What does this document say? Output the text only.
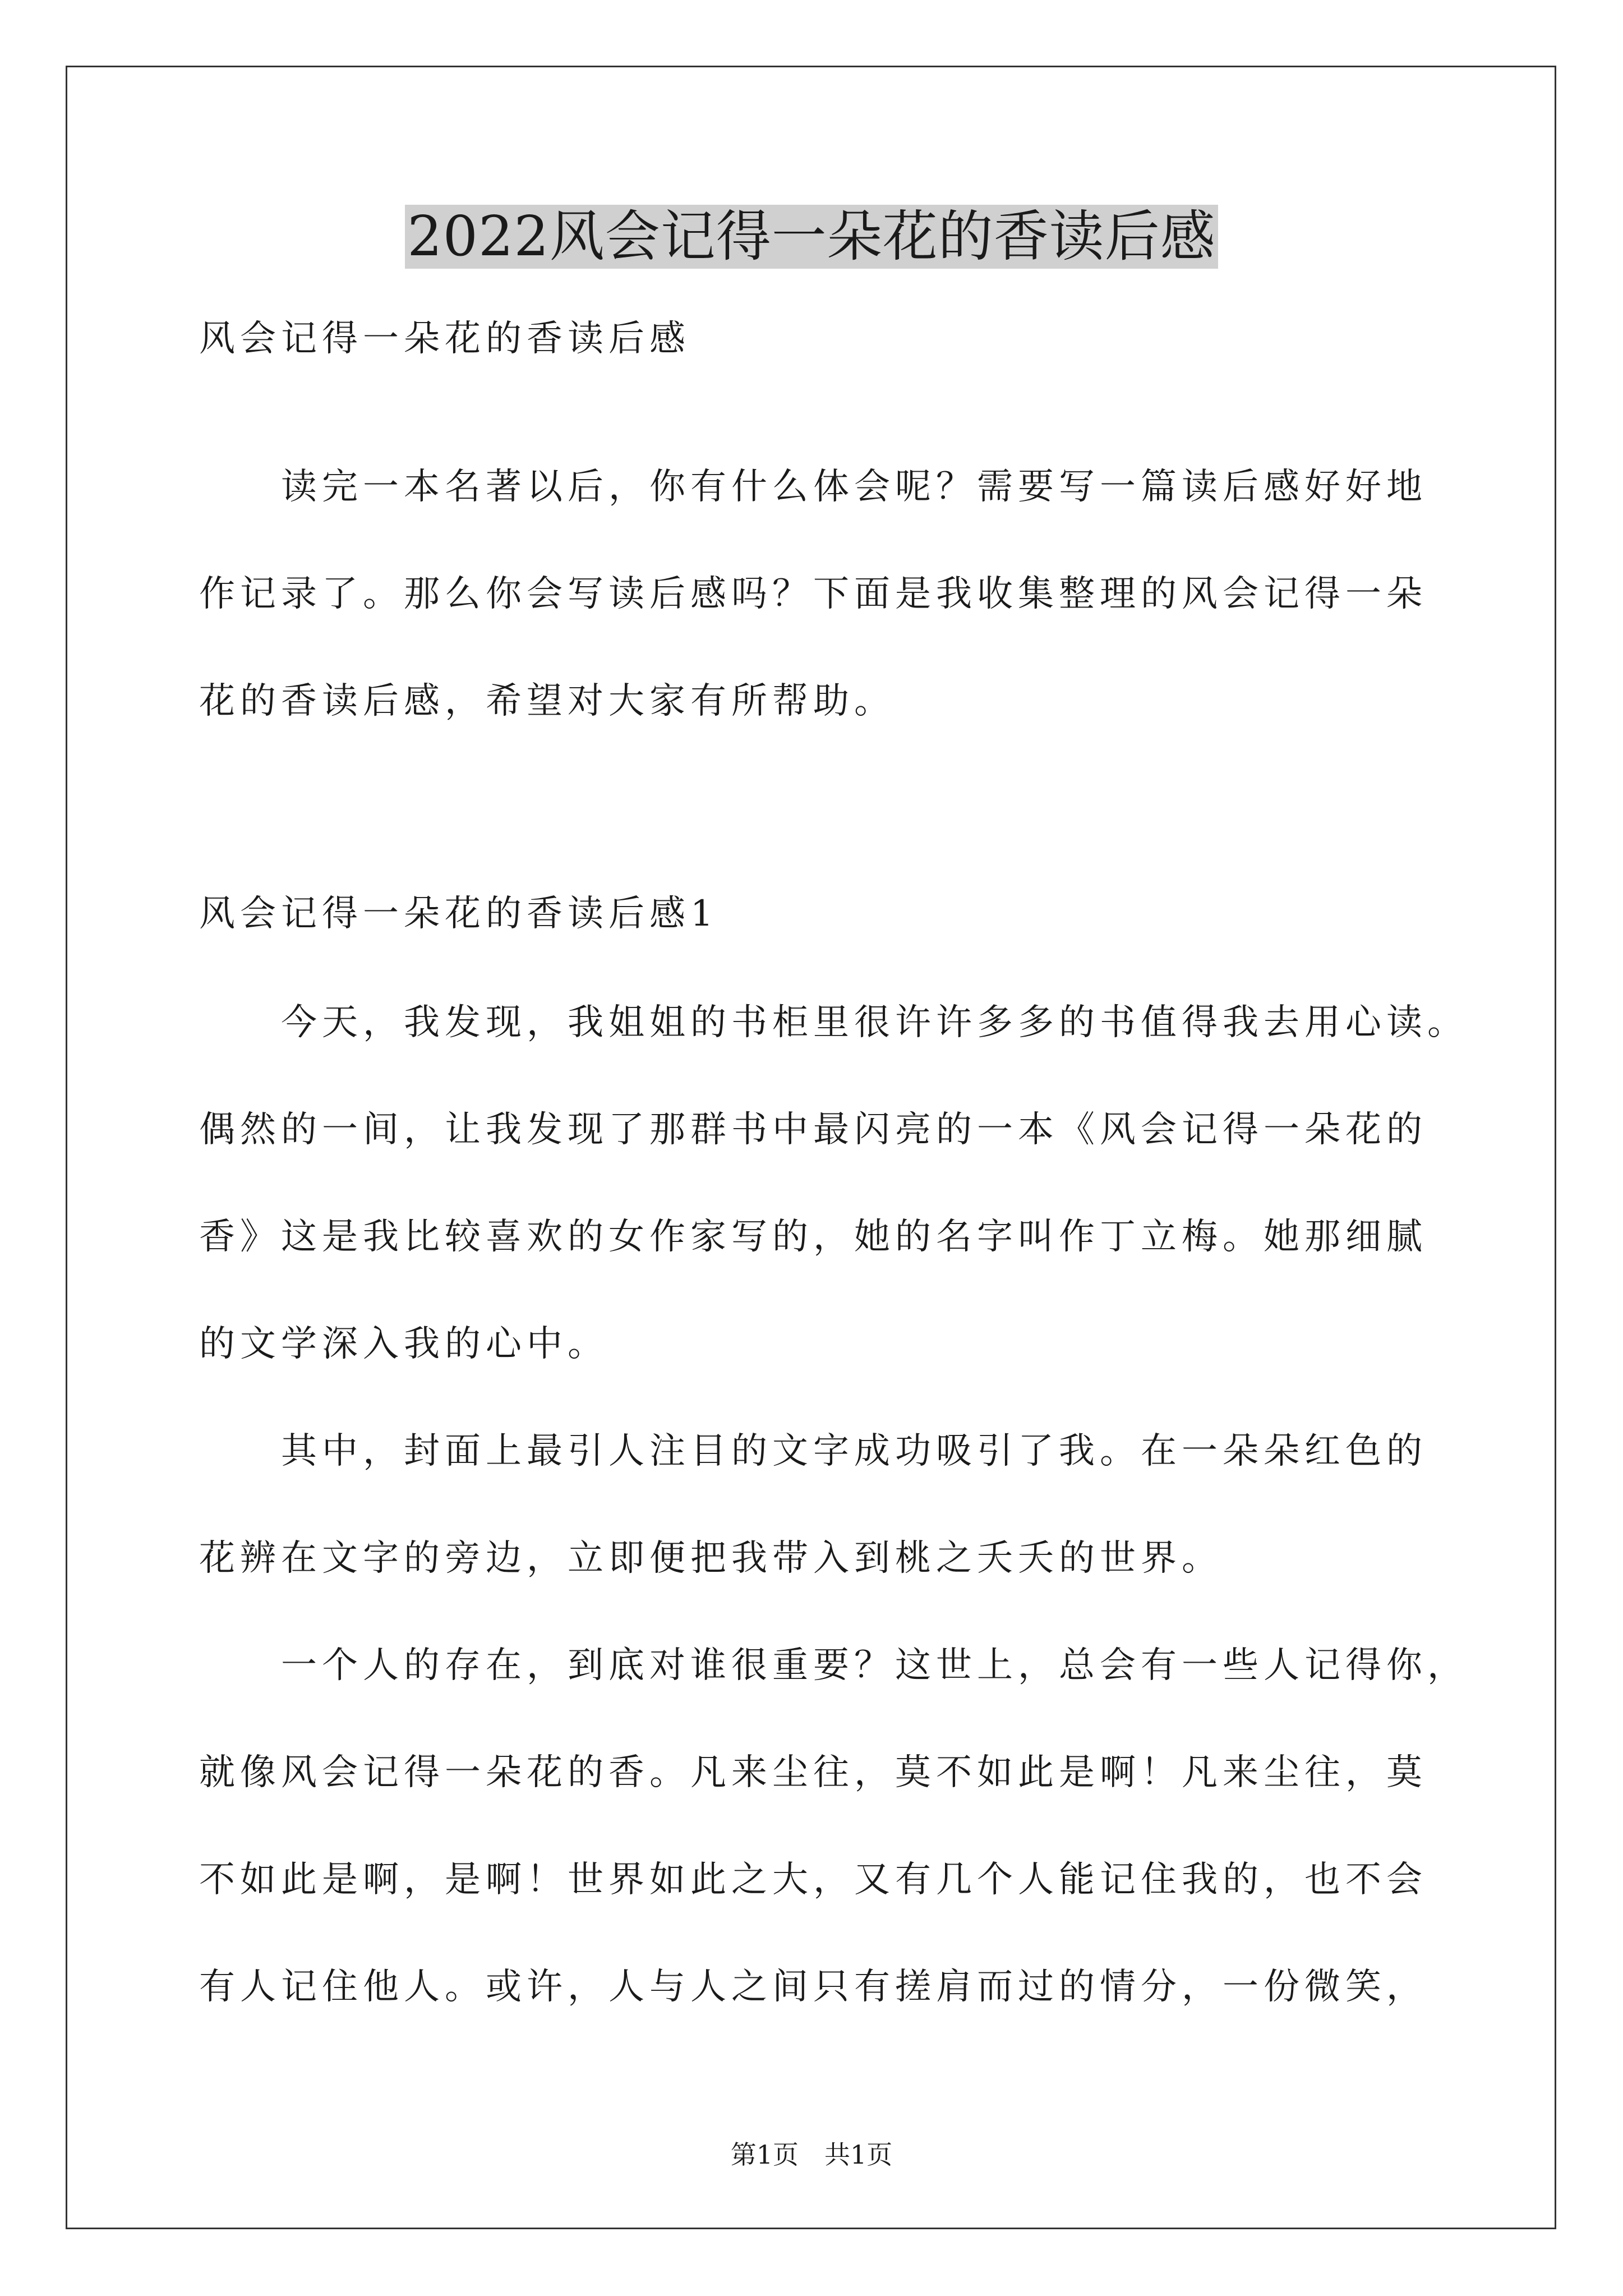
2022风会记得一朵花的香读后感
风会记得一朵花的香读后感
　　读完一本名著以后，你有什么体会呢？需要写一篇读后感好好地
作记录了。那么你会写读后感吗？下面是我收集整理的风会记得一朵
花的香读后感，希望对大家有所帮助。
风会记得一朵花的香读后感1
　　今天，我发现，我姐姐的书柜里很许许多多的书值得我去用心读。
偶然的一间，让我发现了那群书中最闪亮的一本《风会记得一朵花的
香》这是我比较喜欢的女作家写的，她的名字叫作丁立梅。她那细腻
的文学深入我的心中。
　　其中，封面上最引人注目的文字成功吸引了我。在一朵朵红色的
花辨在文字的旁边，立即便把我带入到桃之夭夭的世界。
　　一个人的存在，到底对谁很重要？这世上，总会有一些人记得你，
就像风会记得一朵花的香。凡来尘往，莫不如此是啊！凡来尘往，莫
不如此是啊，是啊！世界如此之大，又有几个人能记住我的，也不会
有人记住他人。或许，人与人之间只有搓肩而过的情分，一份微笑，
第1页　共1页
